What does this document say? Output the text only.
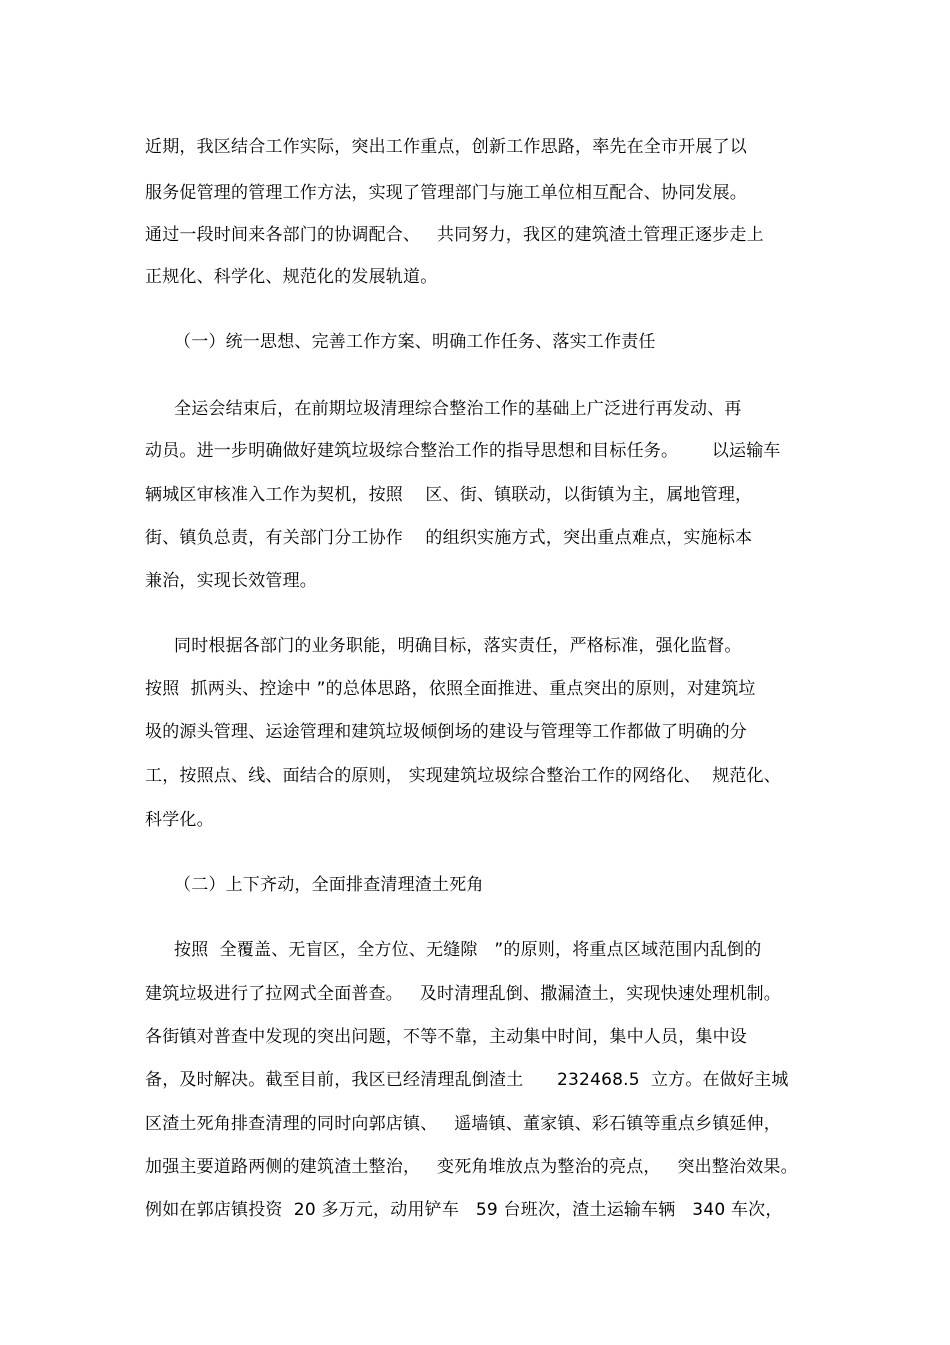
近期，我区结合工作实际，突出工作重点，创新工作思路，率先在全市开展了以
服务促管理的管理工作方法，实现了管理部门与施工单位相互配合、协同发展。
通过一段时间来各部门的协调配合、   共同努力，我区的建筑渣土管理正逐步走上
正规化、科学化、规范化的发展轨道。
（一）统一思想、完善工作方案、明确工作任务、落实工作责任
全运会结束后，在前期垃圾清理综合整治工作的基础上广泛进行再发动、再
动员。进一步明确做好建筑垃圾综合整治工作的指导思想和目标任务。      以运输车
辆城区审核准入工作为契机，按照    区、街、镇联动，以街镇为主，属地管理，
街、镇负总责，有关部门分工协作    的组织实施方式，突出重点难点，实施标本
兼治，实现长效管理。
同时根据各部门的业务职能，明确目标，落实责任，严格标准，强化监督。
按照  抓两头、控途中 ”的总体思路，依照全面推进、重点突出的原则，对建筑垃
圾的源头管理、运途管理和建筑垃圾倾倒场的建设与管理等工作都做了明确的分
工，按照点、线、面结合的原则， 实现建筑垃圾综合整治工作的网络化、  规范化、
科学化。
（二）上下齐动，全面排查清理渣土死角
按照  全覆盖、无盲区，全方位、无缝隙   ”的原则，将重点区域范围内乱倒的
建筑垃圾进行了拉网式全面普查。   及时清理乱倒、撒漏渣土，实现快速处理机制。
各街镇对普查中发现的突出问题，不等不靠，主动集中时间，集中人员，集中设
备，及时解决。截至目前，我区已经清理乱倒渣土      232468.5  立方。在做好主城
区渣土死角排查清理的同时向郭店镇、   遥墙镇、董家镇、彩石镇等重点乡镇延伸，
加强主要道路两侧的建筑渣土整治，   变死角堆放点为整治的亮点，   突出整治效果。
例如在郭店镇投资  20 多万元，动用铲车   59 台班次，渣土运输车辆   340 车次，
